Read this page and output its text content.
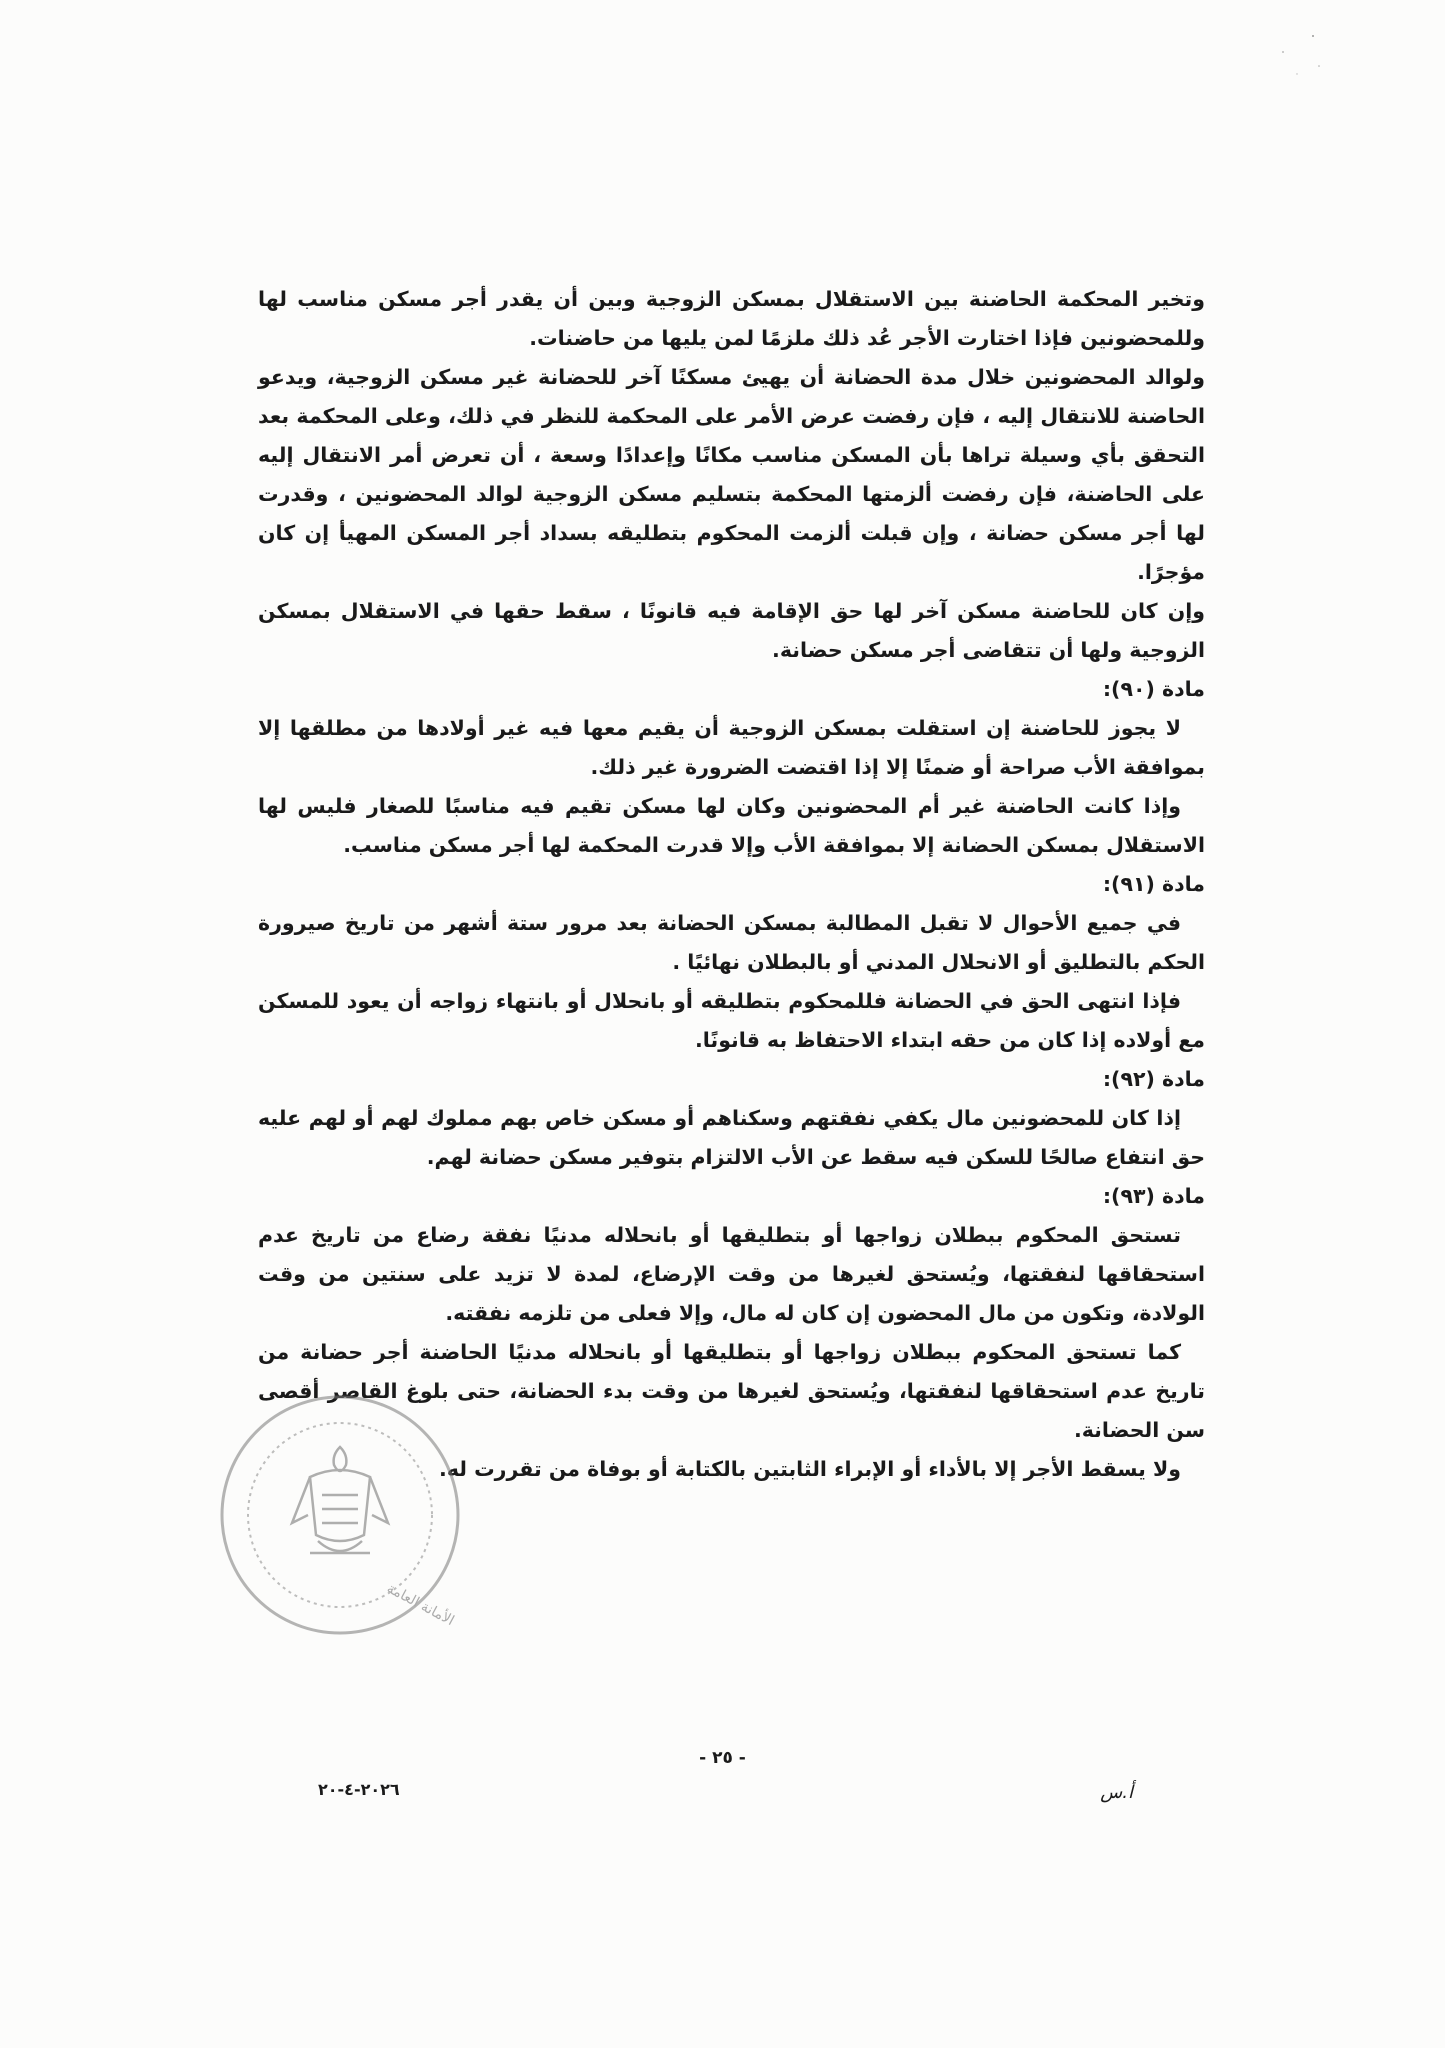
وتخير المحكمة الحاضنة بين الاستقلال بمسكن الزوجية وبين أن يقدر أجر مسكن مناسب لها وللمحضونين فإذا اختارت الأجر عُد ذلك ملزمًا لمن يليها من حاضنات.

ولوالد المحضونين خلال مدة الحضانة أن يهيئ مسكنًا آخر للحضانة غير مسكن الزوجية، ويدعو الحاضنة للانتقال إليه ، فإن رفضت عرض الأمر على المحكمة للنظر في ذلك، وعلى المحكمة بعد التحقق بأي وسيلة تراها بأن المسكن مناسب مكانًا وإعدادًا وسعة ، أن تعرض أمر الانتقال إليه على الحاضنة، فإن رفضت ألزمتها المحكمة بتسليم مسكن الزوجية لوالد المحضونين ، وقدرت لها أجر مسكن حضانة ، وإن قبلت ألزمت المحكوم بتطليقه بسداد أجر المسكن المهيأ إن كان مؤجرًا.

وإن كان للحاضنة مسكن آخر لها حق الإقامة فيه قانونًا ، سقط حقها في الاستقلال بمسكن الزوجية ولها أن تتقاضى أجر مسكن حضانة.

مادة (٩٠):

لا يجوز للحاضنة إن استقلت بمسكن الزوجية أن يقيم معها فيه غير أولادها من مطلقها إلا بموافقة الأب صراحة أو ضمنًا إلا إذا اقتضت الضرورة غير ذلك.

وإذا كانت الحاضنة غير أم المحضونين وكان لها مسكن تقيم فيه مناسبًا للصغار فليس لها الاستقلال بمسكن الحضانة إلا بموافقة الأب وإلا قدرت المحكمة لها أجر مسكن مناسب.

مادة (٩١):

في جميع الأحوال لا تقبل المطالبة بمسكن الحضانة بعد مرور ستة أشهر من تاريخ صيرورة الحكم بالتطليق أو الانحلال المدني أو بالبطلان نهائيًا .

فإذا انتهى الحق في الحضانة فللمحكوم بتطليقه أو بانحلال أو بانتهاء زواجه أن يعود للمسكن مع أولاده إذا كان من حقه ابتداء الاحتفاظ به قانونًا.

مادة (٩٢):

إذا كان للمحضونين مال يكفي نفقتهم وسكناهم أو مسكن خاص بهم مملوك لهم أو لهم عليه حق انتفاع صالحًا للسكن فيه سقط عن الأب الالتزام بتوفير مسكن حضانة لهم.

مادة (٩٣):

تستحق المحكوم ببطلان زواجها أو بتطليقها أو بانحلاله مدنيًا نفقة رضاع من تاريخ عدم استحقاقها لنفقتها، ويُستحق لغيرها من وقت الإرضاع، لمدة لا تزيد على سنتين من وقت الولادة، وتكون من مال المحضون إن كان له مال، وإلا فعلى من تلزمه نفقته.

كما تستحق المحكوم ببطلان زواجها أو بتطليقها أو بانحلاله مدنيًا الحاضنة أجر حضانة من تاريخ عدم استحقاقها لنفقتها، ويُستحق لغيرها من وقت بدء الحضانة، حتى بلوغ القاصر أقصى سن الحضانة.

ولا يسقط الأجر إلا بالأداء أو الإبراء الثابتين بالكتابة أو بوفاة من تقررت له.

الأمانة العامة
- ٢٥ -
٢٠٢٦-٤-٢٠	أ.س
